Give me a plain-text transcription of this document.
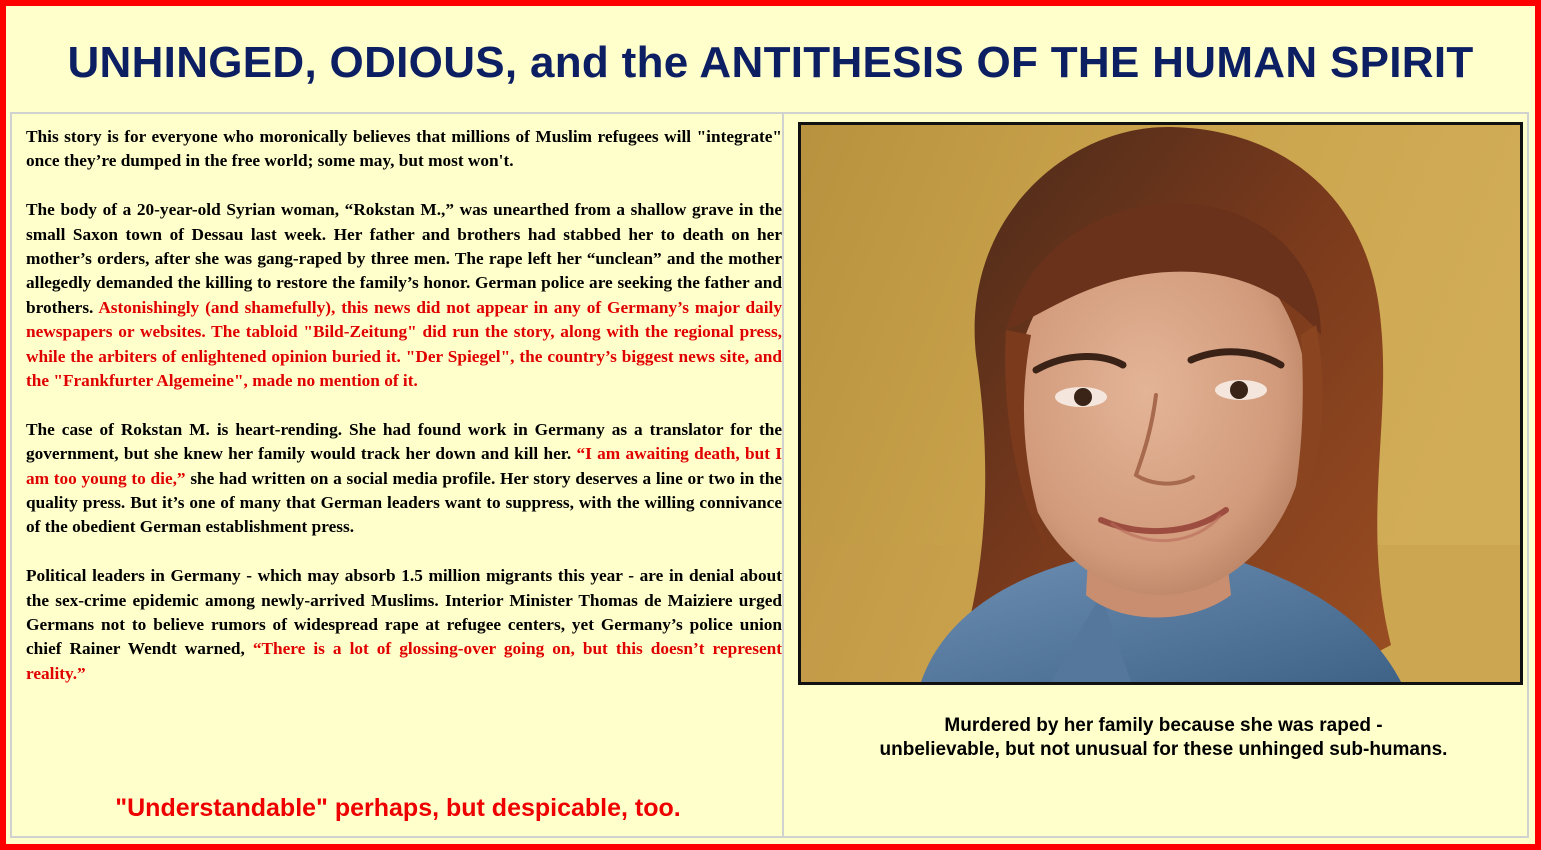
UNHINGED, ODIOUS, and the ANTITHESIS OF THE HUMAN SPIRIT

This story is for everyone who moronically believes that millions of Muslim refugees will "integrate" once they’re dumped in the free world; some may, but most won't.

The body of a 20-year-old Syrian woman, “Rokstan M.,” was unearthed from a shallow grave in the small Saxon town of Dessau last week. Her father and brothers had stabbed her to death on her mother’s orders, after she was gang-raped by three men. The rape left her “unclean” and the mother allegedly demanded the killing to restore the family’s honor. German police are seeking the father and brothers. Astonishingly (and shamefully), this news did not appear in any of Germany’s major daily newspapers or websites. The tabloid "Bild-Zeitung" did run the story, along with the regional press, while the arbiters of enlightened opinion buried it. "Der Spiegel", the country’s biggest news site, and the "Frankfurter Algemeine", made no mention of it.

The case of Rokstan M. is heart-rending. She had found work in Germany as a translator for the government, but she knew her family would track her down and kill her. “I am awaiting death, but I am too young to die,” she had written on a social media profile. Her story deserves a line or two in the quality press. But it’s one of many that German leaders want to suppress, with the willing connivance of the obedient German establishment press.

Political leaders in Germany - which may absorb 1.5 million migrants this year - are in denial about the sex-crime epidemic among newly-arrived Muslims. Interior Minister Thomas de Maiziere urged Germans not to believe rumors of widespread rape at refugee centers, yet Germany’s police union chief Rainer Wendt warned, “There is a lot of glossing-over going on, but this doesn’t represent reality.”

"Understandable" perhaps, but despicable, too.
Murdered by her family because she was raped -
unbelievable, but not unusual for these unhinged sub-humans.
